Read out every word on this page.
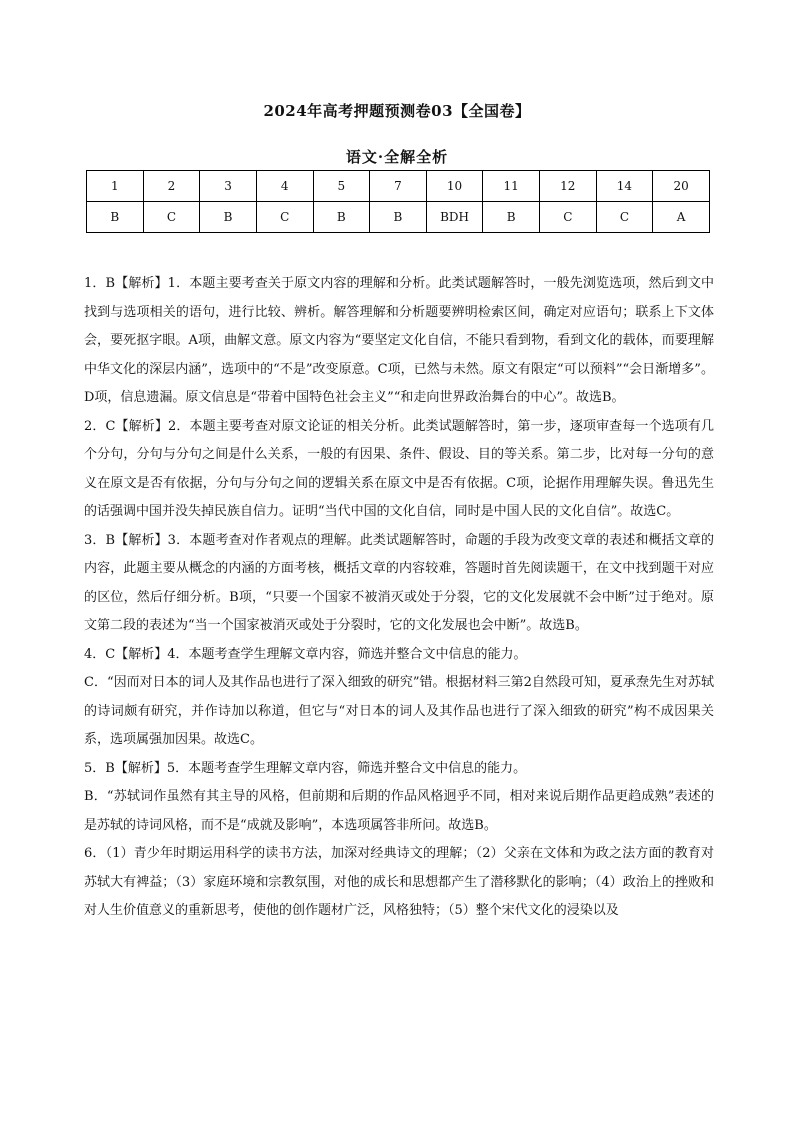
2024年高考押题预测卷03【全国卷】
语文·全解全析
1	2	3	4	5	7	10	11	12	14	20
B	C	B	C	B	B	BDH	B	C	C	A

1．B【解析】1．本题主要考查关于原文内容的理解和分析。此类试题解答时，一般先浏览选项，然后到文中找到与选项相关的语句，进行比较、辨析。解答理解和分析题要辨明检索区间，确定对应语句；联系上下文体会，要死抠字眼。A项，曲解文意。原文内容为“要坚定文化自信，不能只看到物，看到文化的载体，而要理解中华文化的深层内涵”，选项中的“不是”改变原意。C项，已然与未然。原文有限定“可以预料”“会日渐增多”。D项，信息遗漏。原文信息是“带着中国特色社会主义”“和走向世界政治舞台的中心”。故选B。

2．C【解析】2．本题主要考查对原文论证的相关分析。此类试题解答时，第一步，逐项审查每一个选项有几个分句，分句与分句之间是什么关系，一般的有因果、条件、假设、目的等关系。第二步，比对每一分句的意义在原文是否有依据，分句与分句之间的逻辑关系在原文中是否有依据。C项，论据作用理解失误。鲁迅先生的话强调中国并没失掉民族自信力。证明“当代中国的文化自信，同时是中国人民的文化自信”。故选C。

3．B【解析】3．本题考查对作者观点的理解。此类试题解答时，命题的手段为改变文章的表述和概括文章的内容，此题主要从概念的内涵的方面考核，概括文章的内容较难，答题时首先阅读题干，在文中找到题干对应的区位，然后仔细分析。B项，“只要一个国家不被消灭或处于分裂，它的文化发展就不会中断”过于绝对。原文第二段的表述为“当一个国家被消灭或处于分裂时，它的文化发展也会中断”。故选B。

4．C【解析】4．本题考查学生理解文章内容，筛选并整合文中信息的能力。

C．“因而对日本的词人及其作品也进行了深入细致的研究”错。根据材料三第2自然段可知，夏承焘先生对苏轼的诗词颇有研究，并作诗加以称道，但它与“对日本的词人及其作品也进行了深入细致的研究”构不成因果关系，选项属强加因果。故选C。

5．B【解析】5．本题考查学生理解文章内容，筛选并整合文中信息的能力。

B．“苏轼词作虽然有其主导的风格，但前期和后期的作品风格迥乎不同，相对来说后期作品更趋成熟”表述的是苏轼的诗词风格，而不是“成就及影响”，本选项属答非所问。故选B。

6．（1）青少年时期运用科学的读书方法，加深对经典诗文的理解；（2）父亲在文体和为政之法方面的教育对苏轼大有裨益；（3）家庭环境和宗教氛围，对他的成长和思想都产生了潜移默化的影响；（4）政治上的挫败和对人生价值意义的重新思考，使他的创作题材广泛，风格独特；（5）整个宋代文化的浸染以及
